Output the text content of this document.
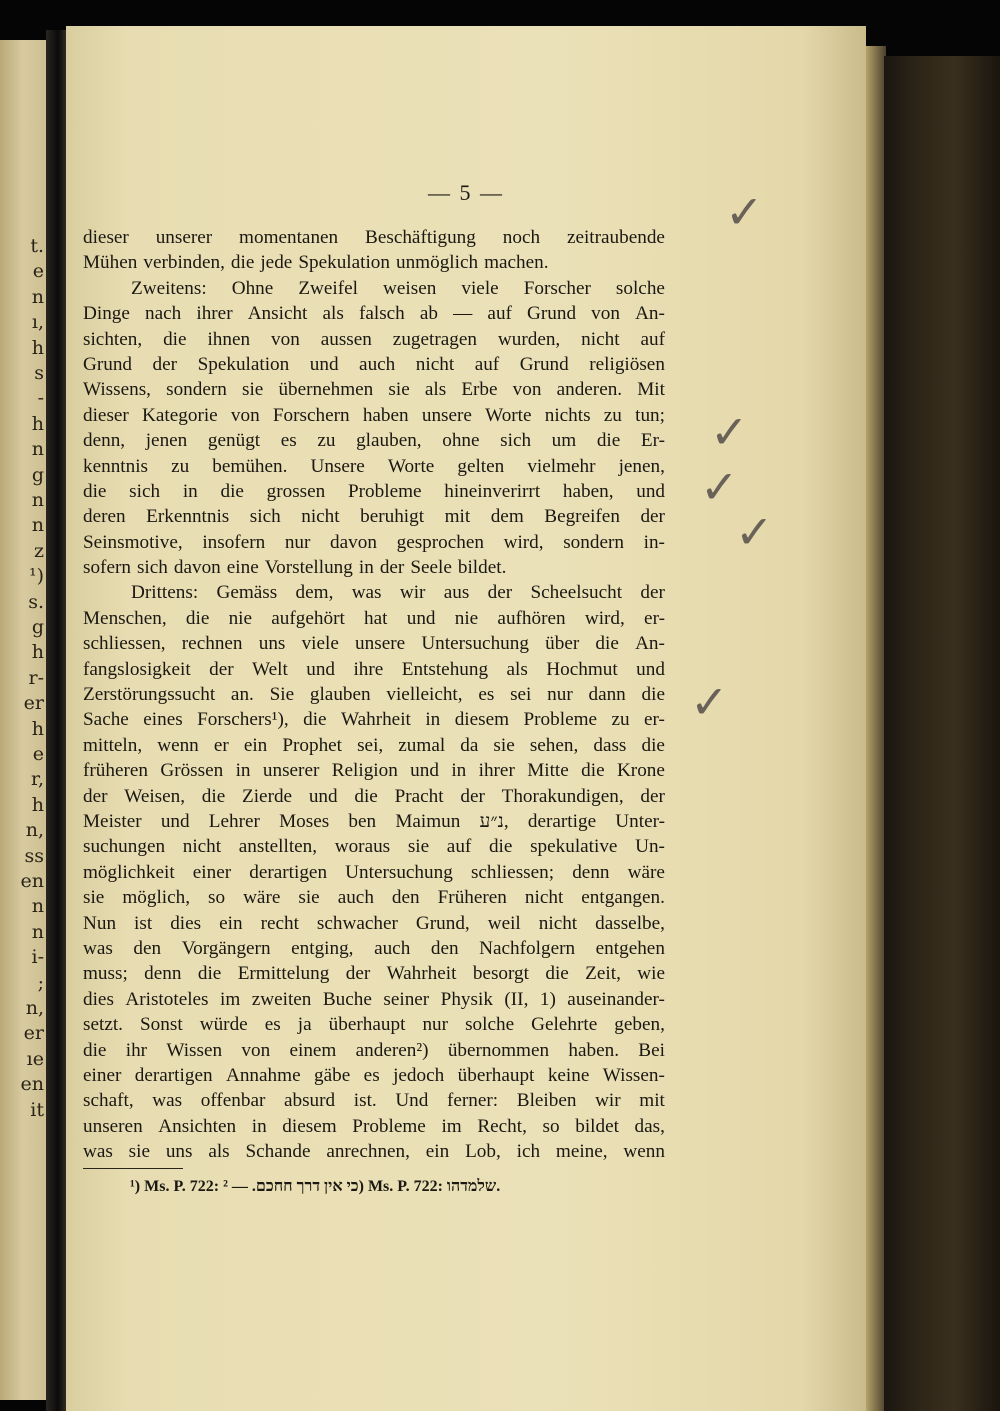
t.
e
n
ı,
h
s
-
h
n
g
n
n
z
¹)
s.
g
h
r-
er
h
e
r,
h
n,
ss
en
n
n
i-
;
n,
er
ıe
en
it
— 5 —
dieser unserer momentanen Beschäftigung noch zeitraubende
Mühen verbinden, die jede Spekulation unmöglich machen.
Zweitens: Ohne Zweifel weisen viele Forscher solche
Dinge nach ihrer Ansicht als falsch ab — auf Grund von An-
sichten, die ihnen von aussen zugetragen wurden, nicht auf
Grund der Spekulation und auch nicht auf Grund religiösen
Wissens, sondern sie übernehmen sie als Erbe von anderen. Mit
dieser Kategorie von Forschern haben unsere Worte nichts zu tun;
denn, jenen genügt es zu glauben, ohne sich um die Er-
kenntnis zu bemühen. Unsere Worte gelten vielmehr jenen,
die sich in die grossen Probleme hineinverirrt haben, und
deren Erkenntnis sich nicht beruhigt mit dem Begreifen der
Seinsmotive, insofern nur davon gesprochen wird, sondern in-
sofern sich davon eine Vorstellung in der Seele bildet.
Drittens: Gemäss dem, was wir aus der Scheelsucht der
Menschen, die nie aufgehört hat und nie aufhören wird, er-
schliessen, rechnen uns viele unsere Untersuchung über die An-
fangslosigkeit der Welt und ihre Entstehung als Hochmut und
Zerstörungssucht an. Sie glauben vielleicht, es sei nur dann die
Sache eines Forschers¹), die Wahrheit in diesem Probleme zu er-
mitteln, wenn er ein Prophet sei, zumal da sie sehen, dass die
früheren Grössen in unserer Religion und in ihrer Mitte die Krone
der Weisen, die Zierde und die Pracht der Thorakundigen, der
Meister und Lehrer Moses ben Maimun נ״ע, derartige Unter-
suchungen nicht anstellten, woraus sie auf die spekulative Un-
möglichkeit einer derartigen Untersuchung schliessen; denn wäre
sie möglich, so wäre sie auch den Früheren nicht entgangen.
Nun ist dies ein recht schwacher Grund, weil nicht dasselbe,
was den Vorgängern entging, auch den Nachfolgern entgehen
muss; denn die Ermittelung der Wahrheit besorgt die Zeit, wie
dies Aristoteles im zweiten Buche seiner Physik (II, 1) auseinander-
setzt. Sonst würde es ja überhaupt nur solche Gelehrte geben,
die ihr Wissen von einem anderen²) übernommen haben. Bei
einer derartigen Annahme gäbe es jedoch überhaupt keine Wissen-
schaft, was offenbar absurd ist. Und ferner: Bleiben wir mit
unseren Ansichten in diesem Probleme im Recht, so bildet das,
was sie uns als Schande anrechnen, ein Lob, ich meine, wenn
¹) Ms. P. 722: כי אין דרך חחכם. — ²) Ms. P. 722: שלמדהו.
✓
✓
✓
✓
✓
